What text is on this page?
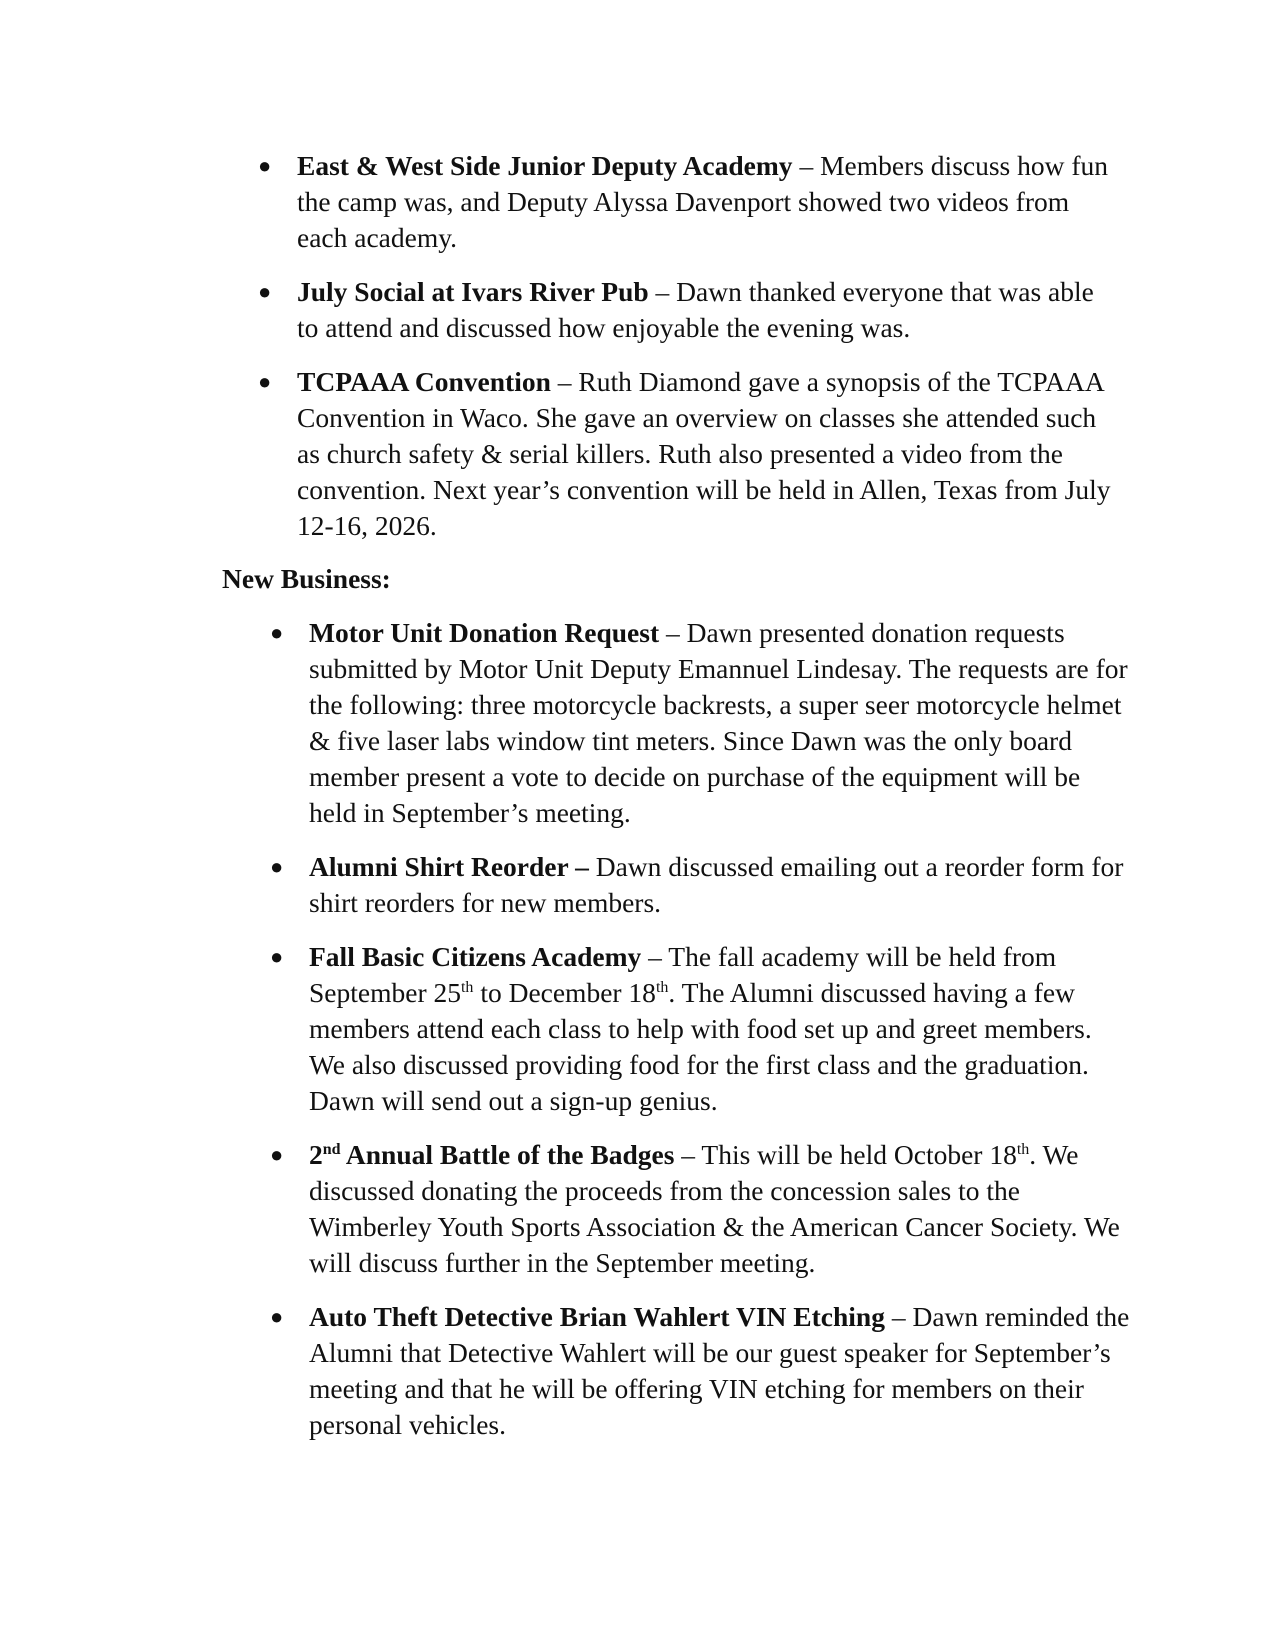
● East & West Side Junior Deputy Academy – Members discuss how fun the camp was, and Deputy Alyssa Davenport showed two videos from each academy.
● July Social at Ivars River Pub – Dawn thanked everyone that was able to attend and discussed how enjoyable the evening was.
● TCPAAA Convention – Ruth Diamond gave a synopsis of the TCPAAA Convention in Waco. She gave an overview on classes she attended such as church safety & serial killers. Ruth also presented a video from the convention. Next year’s convention will be held in Allen, Texas from July 12-16, 2026.
New Business:
● Motor Unit Donation Request – Dawn presented donation requests submitted by Motor Unit Deputy Emannuel Lindesay. The requests are for the following: three motorcycle backrests, a super seer motorcycle helmet & five laser labs window tint meters. Since Dawn was the only board member present a vote to decide on purchase of the equipment will be held in September’s meeting.
● Alumni Shirt Reorder – Dawn discussed emailing out a reorder form for shirt reorders for new members.
● Fall Basic Citizens Academy – The fall academy will be held from September 25th to December 18th. The Alumni discussed having a few members attend each class to help with food set up and greet members. We also discussed providing food for the first class and the graduation. Dawn will send out a sign-up genius.
● 2nd Annual Battle of the Badges – This will be held October 18th. We discussed donating the proceeds from the concession sales to the Wimberley Youth Sports Association & the American Cancer Society. We will discuss further in the September meeting.
● Auto Theft Detective Brian Wahlert VIN Etching – Dawn reminded the Alumni that Detective Wahlert will be our guest speaker for September’s meeting and that he will be offering VIN etching for members on their personal vehicles.
